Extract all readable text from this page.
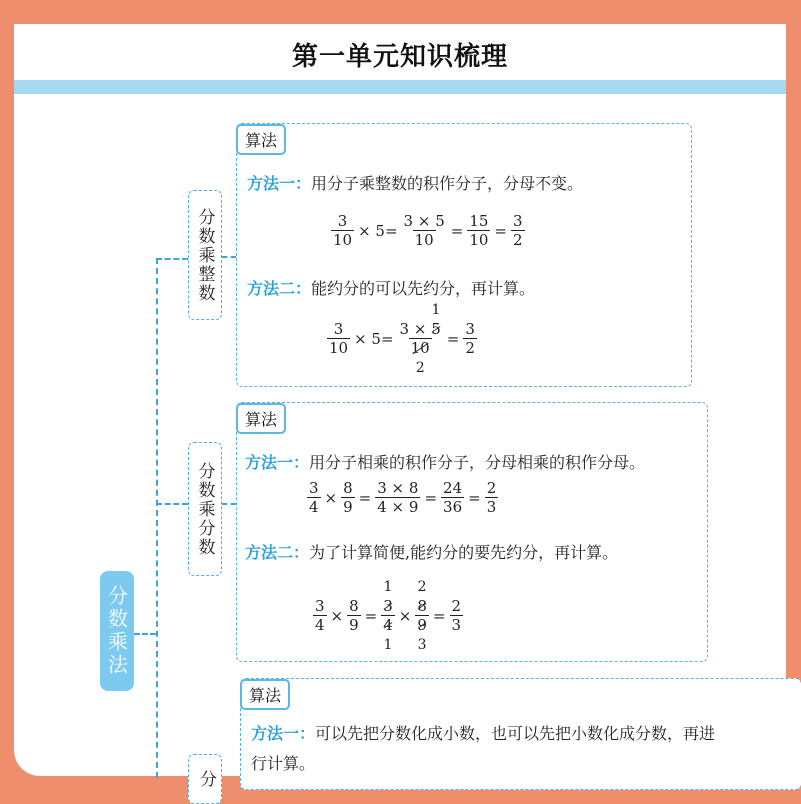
第一单元知识梳理
分数乘法
分数乘整数
分数乘分数
分
算法
方法一：用分子乘整数的积作分子，分母不变。
$\frac{3}{10} \times 5= \frac{3 \times 5}{10} = \frac{15}{10} = \frac{3}{2}$
方法二：能约分的可以先约分，再计算。
$\frac{3}{10} \times 5= 3 \times 5$
1
10
$2 = \frac{3}{2}$
算法
方法一：用分子相乘的积作分子，分母相乘的积作分母。
$\frac{3}{4} \times \frac{8}{9} = \frac{3 \times 8}{4 \times 9} = \frac{24}{36} = \frac{2}{3}$
方法二：为了计算简便,能约分的要先约分，再计算。
$\frac{3}{4} \times \frac{8}{9} = 3$
1
4
1 × 8
2
9
$3 = \frac{2}{3}$
算法
方法一：可以先把分数化成小数，也可以先把小数化成分数，再进
行计算。
